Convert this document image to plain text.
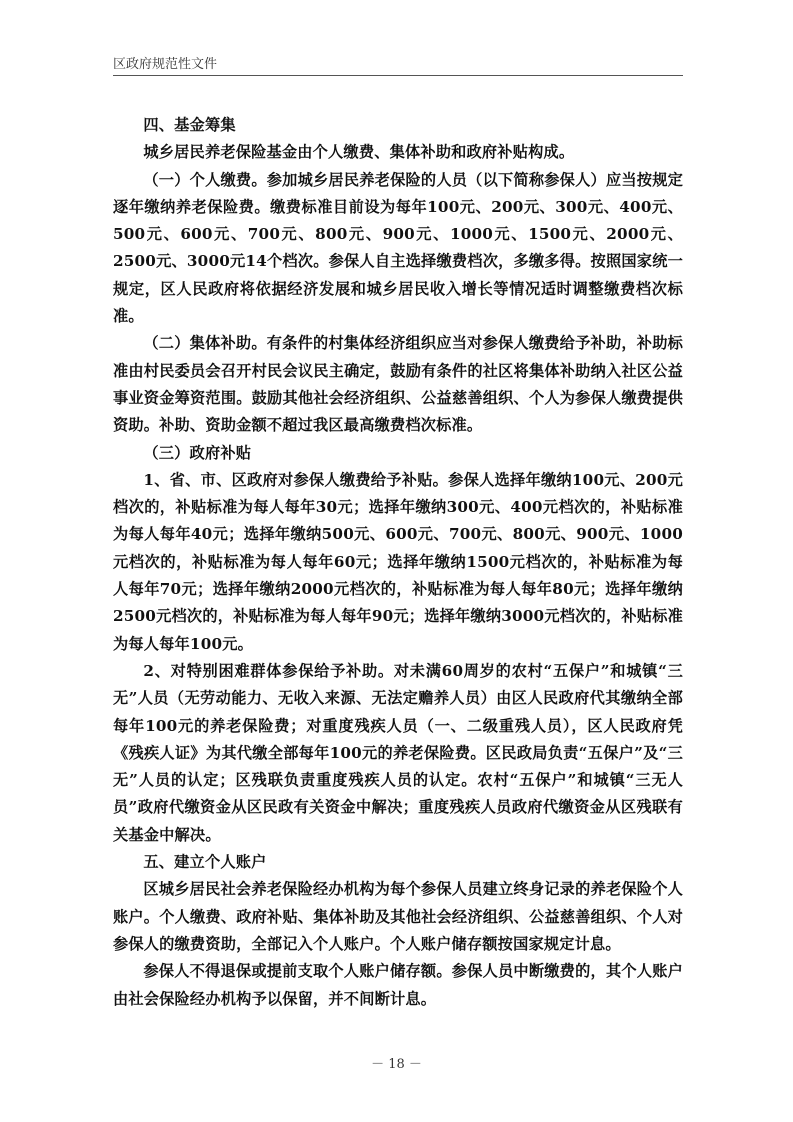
区政府规范性文件

四、基金筹集

城乡居民养老保险基金由个人缴费、集体补助和政府补贴构成。

（一）个人缴费。参加城乡居民养老保险的人员（以下简称参保人）应当按规定逐年缴纳养老保险费。缴费标准目前设为每年100元、200元、300元、400元、500元、600元、700元、800元、900元、1000元、1500元、2000元、2500元、3000元14个档次。参保人自主选择缴费档次，多缴多得。按照国家统一规定，区人民政府将依据经济发展和城乡居民收入增长等情况适时调整缴费档次标准。

（二）集体补助。有条件的村集体经济组织应当对参保人缴费给予补助，补助标准由村民委员会召开村民会议民主确定，鼓励有条件的社区将集体补助纳入社区公益事业资金筹资范围。鼓励其他社会经济组织、公益慈善组织、个人为参保人缴费提供资助。补助、资助金额不超过我区最高缴费档次标准。

（三）政府补贴

1、省、市、区政府对参保人缴费给予补贴。参保人选择年缴纳100元、200元档次的，补贴标准为每人每年30元；选择年缴纳300元、400元档次的，补贴标准为每人每年40元；选择年缴纳500元、600元、700元、800元、900元、1000元档次的，补贴标准为每人每年60元；选择年缴纳1500元档次的，补贴标准为每人每年70元；选择年缴纳2000元档次的，补贴标准为每人每年80元；选择年缴纳2500元档次的，补贴标准为每人每年90元；选择年缴纳3000元档次的，补贴标准为每人每年100元。

2、对特别困难群体参保给予补助。对未满60周岁的农村“五保户”和城镇“三无”人员（无劳动能力、无收入来源、无法定赡养人员）由区人民政府代其缴纳全部每年100元的养老保险费；对重度残疾人员（一、二级重残人员），区人民政府凭《残疾人证》为其代缴全部每年100元的养老保险费。区民政局负责“五保户”及“三无”人员的认定；区残联负责重度残疾人员的认定。农村“五保户”和城镇“三无人员”政府代缴资金从区民政有关资金中解决；重度残疾人员政府代缴资金从区残联有关基金中解决。

五、建立个人账户

区城乡居民社会养老保险经办机构为每个参保人员建立终身记录的养老保险个人账户。个人缴费、政府补贴、集体补助及其他社会经济组织、公益慈善组织、个人对参保人的缴费资助，全部记入个人账户。个人账户储存额按国家规定计息。

参保人不得退保或提前支取个人账户储存额。参保人员中断缴费的，其个人账户由社会保险经办机构予以保留，并不间断计息。

－ 18 －
